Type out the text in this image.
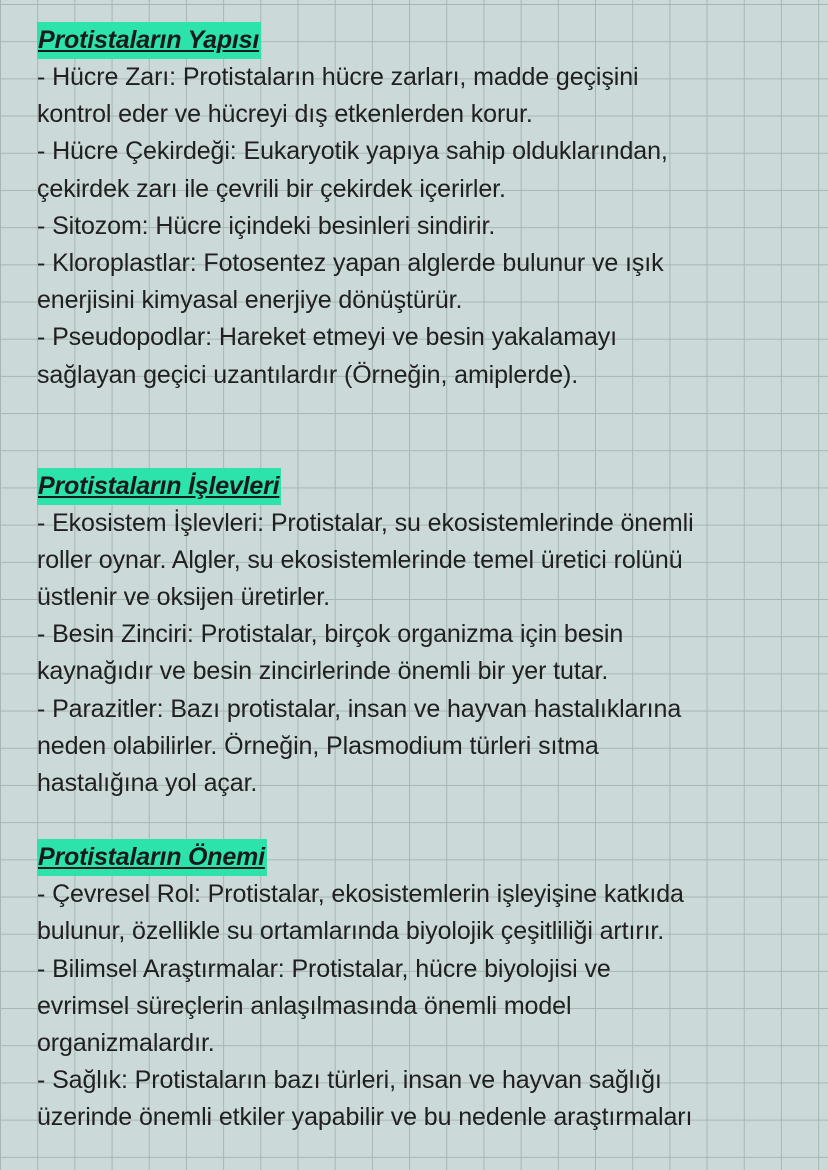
Protistaların Yapısı
- Hücre Zarı: Protistaların hücre zarları, madde geçişini
kontrol eder ve hücreyi dış etkenlerden korur.
- Hücre Çekirdeği: Eukaryotik yapıya sahip olduklarından,
çekirdek zarı ile çevrili bir çekirdek içerirler.
- Sitozom: Hücre içindeki besinleri sindirir.
- Kloroplastlar: Fotosentez yapan alglerde bulunur ve ışık
enerjisini kimyasal enerjiye dönüştürür.
- Pseudopodlar: Hareket etmeyi ve besin yakalamayı
sağlayan geçici uzantılardır (Örneğin, amiplerde).
Protistaların İşlevleri
- Ekosistem İşlevleri: Protistalar, su ekosistemlerinde önemli
roller oynar. Algler, su ekosistemlerinde temel üretici rolünü
üstlenir ve oksijen üretirler.
- Besin Zinciri: Protistalar, birçok organizma için besin
kaynağıdır ve besin zincirlerinde önemli bir yer tutar.
- Parazitler: Bazı protistalar, insan ve hayvan hastalıklarına
neden olabilirler. Örneğin, Plasmodium türleri sıtma
hastalığına yol açar.
Protistaların Önemi
- Çevresel Rol: Protistalar, ekosistemlerin işleyişine katkıda
bulunur, özellikle su ortamlarında biyolojik çeşitliliği artırır.
- Bilimsel Araştırmalar: Protistalar, hücre biyolojisi ve
evrimsel süreçlerin anlaşılmasında önemli model
organizmalardır.
- Sağlık: Protistaların bazı türleri, insan ve hayvan sağlığı
üzerinde önemli etkiler yapabilir ve bu nedenle araştırmaları
